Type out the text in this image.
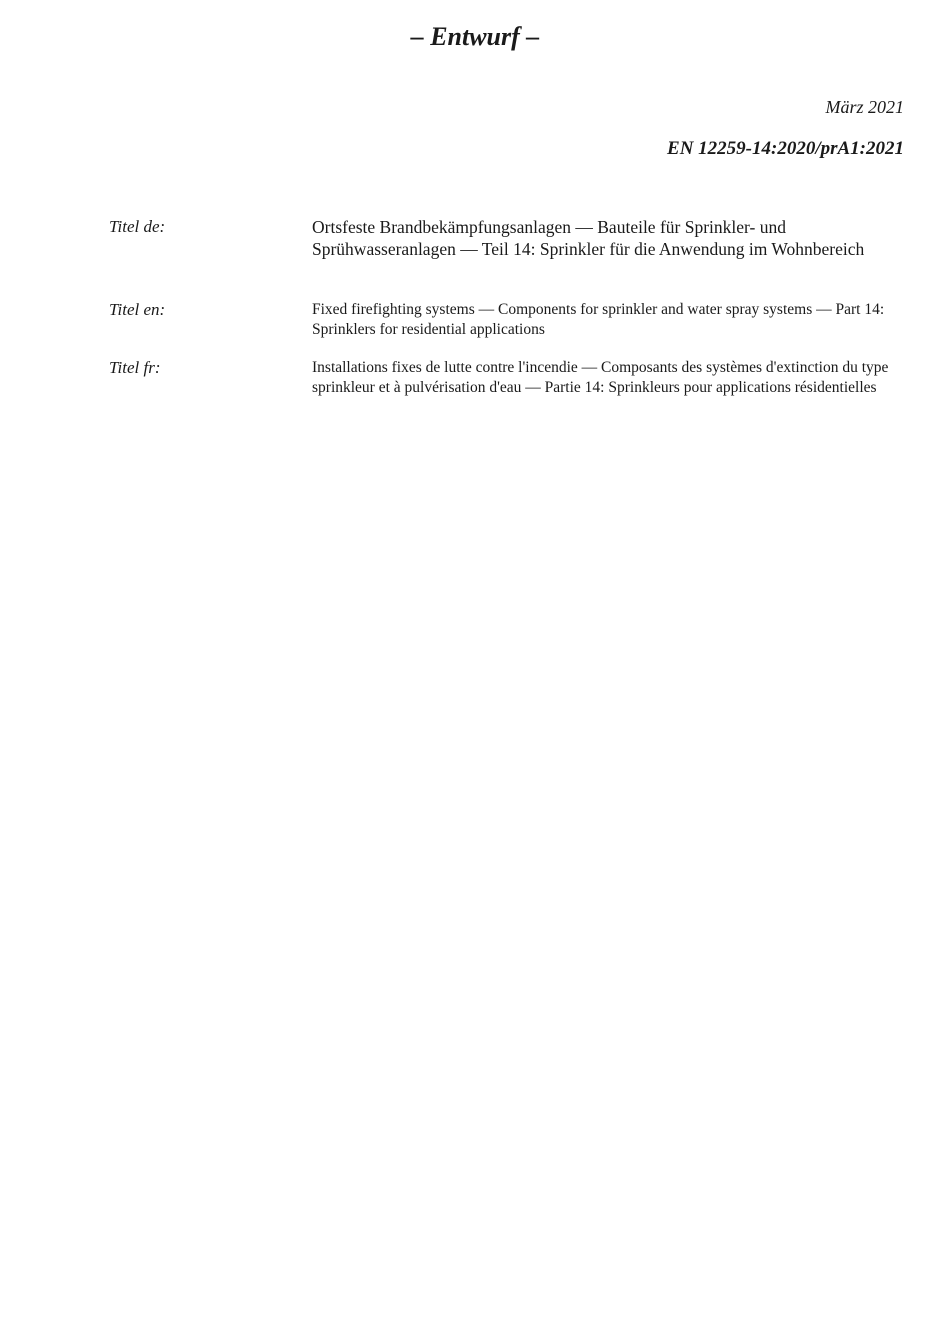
– Entwurf –
März 2021
EN 12259-14:2020/prA1:2021
Titel de:	Ortsfeste Brandbekämpfungsanlagen — Bauteile für Sprinkler- und Sprühwasseranlagen — Teil 14: Sprinkler für die Anwendung im Wohnbereich
Titel en:	Fixed firefighting systems — Components for sprinkler and water spray systems — Part 14: Sprinklers for residential applications
Titel fr:	Installations fixes de lutte contre l'incendie — Composants des systèmes d'extinction du type sprinkleur et à pulvérisation d'eau — Partie 14: Sprinkleurs pour applications résidentielles
